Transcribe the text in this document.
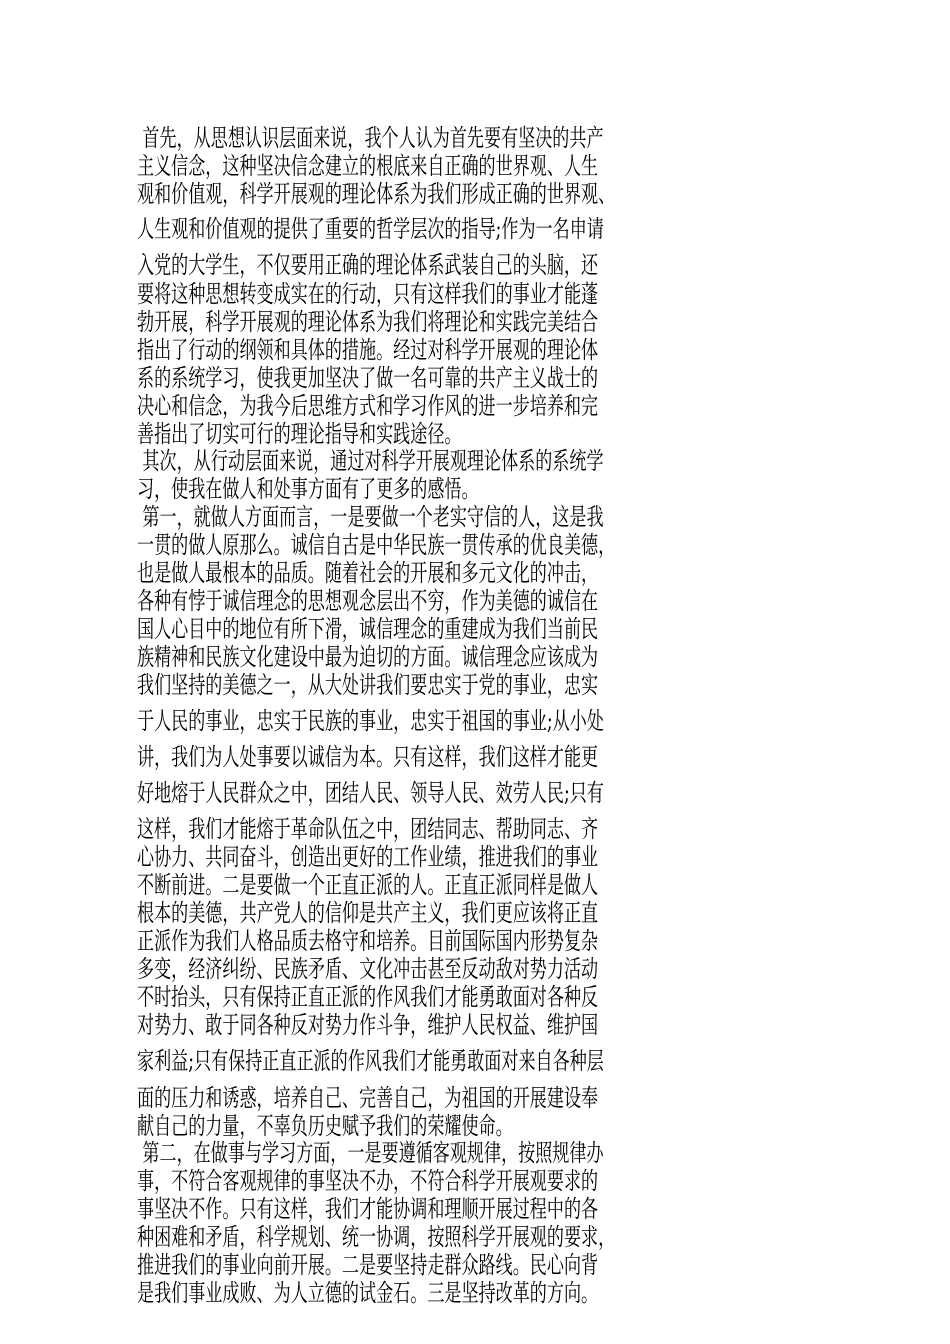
首先，从思想认识层面来说，我个人认为首先要有坚决的共产

主义信念，这种坚决信念建立的根底来自正确的世界观、人生

观和价值观，科学开展观的理论体系为我们形成正确的世界观、

人生观和价值观的提供了重要的哲学层次的指导;作为一名申请

入党的大学生，不仅要用正确的理论体系武装自己的头脑，还

要将这种思想转变成实在的行动，只有这样我们的事业才能蓬

勃开展，科学开展观的理论体系为我们将理论和实践完美结合

指出了行动的纲领和具体的措施。经过对科学开展观的理论体

系的系统学习，使我更加坚决了做一名可靠的共产主义战士的

决心和信念，为我今后思维方式和学习作风的进一步培养和完

善指出了切实可行的理论指导和实践途径。

其次，从行动层面来说，通过对科学开展观理论体系的系统学

习，使我在做人和处事方面有了更多的感悟。

第一，就做人方面而言，一是要做一个老实守信的人，这是我

一贯的做人原那么。诚信自古是中华民族一贯传承的优良美德，

也是做人最根本的品质。随着社会的开展和多元文化的冲击，

各种有悖于诚信理念的思想观念层出不穷，作为美德的诚信在

国人心目中的地位有所下滑，诚信理念的重建成为我们当前民

族精神和民族文化建设中最为迫切的方面。诚信理念应该成为

我们坚持的美德之一，从大处讲我们要忠实于党的事业，忠实

于人民的事业，忠实于民族的事业，忠实于祖国的事业;从小处

讲，我们为人处事要以诚信为本。只有这样，我们这样才能更

好地熔于人民群众之中，团结人民、领导人民、效劳人民;只有

这样，我们才能熔于革命队伍之中，团结同志、帮助同志、齐

心协力、共同奋斗，创造出更好的工作业绩，推进我们的事业

不断前进。二是要做一个正直正派的人。正直正派同样是做人

根本的美德，共产党人的信仰是共产主义，我们更应该将正直

正派作为我们人格品质去格守和培养。目前国际国内形势复杂

多变，经济纠纷、民族矛盾、文化冲击甚至反动敌对势力活动

不时抬头，只有保持正直正派的作风我们才能勇敢面对各种反

对势力、敢于同各种反对势力作斗争，维护人民权益、维护国

家利益;只有保持正直正派的作风我们才能勇敢面对来自各种层

面的压力和诱惑，培养自己、完善自己，为祖国的开展建设奉

献自己的力量，不辜负历史赋予我们的荣耀使命。

第二，在做事与学习方面，一是要遵循客观规律，按照规律办

事，不符合客观规律的事坚决不办，不符合科学开展观要求的

事坚决不作。只有这样，我们才能协调和理顺开展过程中的各

种困难和矛盾，科学规划、统一协调，按照科学开展观的要求，

推进我们的事业向前开展。二是要坚持走群众路线。民心向背

是我们事业成败、为人立德的试金石。三是坚持改革的方向。
